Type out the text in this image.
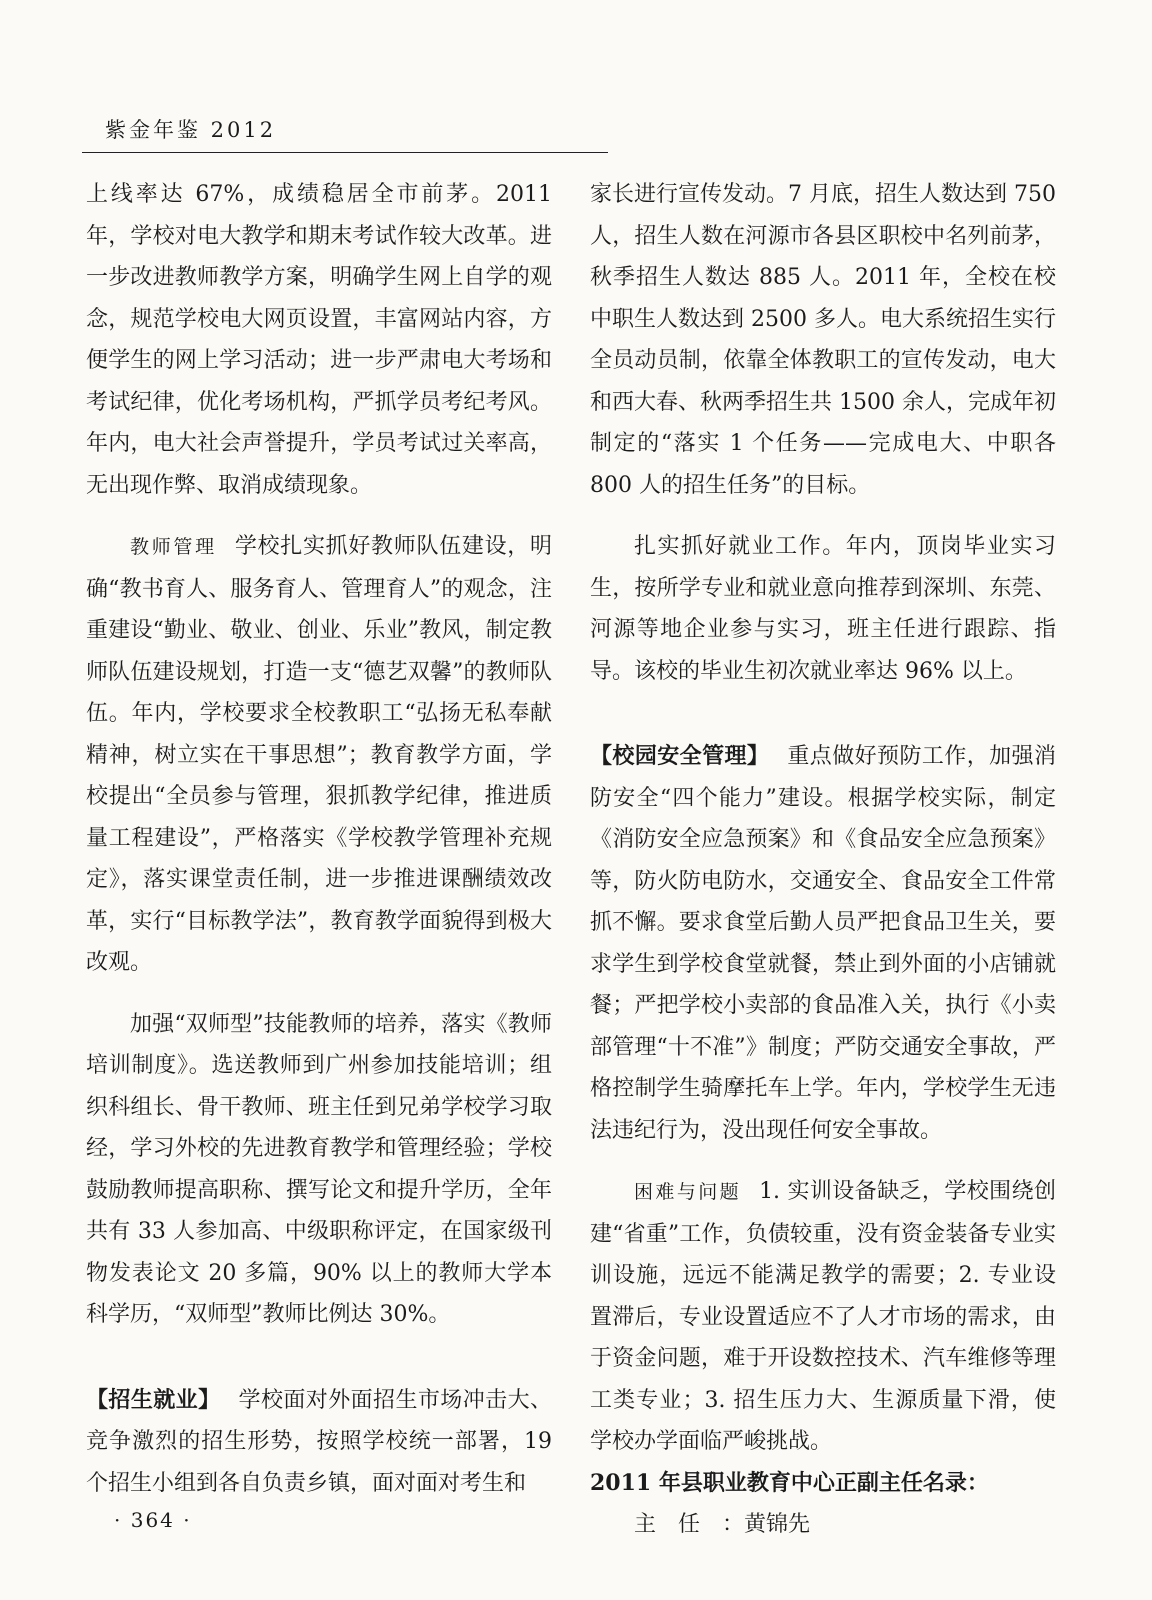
紫金年鉴 2012

上线率达 67%，成绩稳居全市前茅。2011 年，学校对电大教学和期末考试作较大改革。进一步改进教师教学方案，明确学生网上自学的观念，规范学校电大网页设置，丰富网站内容，方便学生的网上学习活动；进一步严肃电大考场和考试纪律，优化考场机构，严抓学员考纪考风。年内，电大社会声誉提升，学员考试过关率高，无出现作弊、取消成绩现象。

教师管理 学校扎实抓好教师队伍建设，明确“教书育人、服务育人、管理育人”的观念，注重建设“勤业、敬业、创业、乐业”教风，制定教师队伍建设规划，打造一支“德艺双馨”的教师队伍。年内，学校要求全校教职工“弘扬无私奉献精神，树立实在干事思想”；教育教学方面，学校提出“全员参与管理，狠抓教学纪律，推进质量工程建设”，严格落实《学校教学管理补充规定》，落实课堂责任制，进一步推进课酬绩效改革，实行“目标教学法”，教育教学面貌得到极大改观。

加强“双师型”技能教师的培养，落实《教师培训制度》。选送教师到广州参加技能培训；组织科组长、骨干教师、班主任到兄弟学校学习取经，学习外校的先进教育教学和管理经验；学校鼓励教师提高职称、撰写论文和提升学历，全年共有 33 人参加高、中级职称评定，在国家级刊物发表论文 20 多篇，90% 以上的教师大学本科学历，“双师型”教师比例达 30%。

【招生就业】 学校面对外面招生市场冲击大、竞争激烈的招生形势，按照学校统一部署，19 个招生小组到各自负责乡镇，面对面对考生和

家长进行宣传发动。7 月底，招生人数达到 750 人，招生人数在河源市各县区职校中名列前茅，秋季招生人数达 885 人。2011 年，全校在校中职生人数达到 2500 多人。电大系统招生实行全员动员制，依靠全体教职工的宣传发动，电大和西大春、秋两季招生共 1500 余人，完成年初制定的“落实 1 个任务——完成电大、中职各 800 人的招生任务”的目标。

扎实抓好就业工作。年内，顶岗毕业实习生，按所学专业和就业意向推荐到深圳、东莞、河源等地企业参与实习，班主任进行跟踪、指导。该校的毕业生初次就业率达 96% 以上。

【校园安全管理】 重点做好预防工作，加强消防安全“四个能力”建设。根据学校实际，制定《消防安全应急预案》和《食品安全应急预案》等，防火防电防水，交通安全、食品安全工件常抓不懈。要求食堂后勤人员严把食品卫生关，要求学生到学校食堂就餐，禁止到外面的小店铺就餐；严把学校小卖部的食品准入关，执行《小卖部管理“十不准”》制度；严防交通安全事故，严格控制学生骑摩托车上学。年内，学校学生无违法违纪行为，没出现任何安全事故。

困难与问题 1. 实训设备缺乏，学校围绕创建“省重”工作，负债较重，没有资金装备专业实训设施，远远不能满足教学的需要；2. 专业设置滞后，专业设置适应不了人才市场的需求，由于资金问题，难于开设数控技术、汽车维修等理工类专业；3. 招生压力大、生源质量下滑，使学校办学面临严峻挑战。

2011 年县职业教育中心正副主任名录：

主任：黄锦先

· 364 ·
